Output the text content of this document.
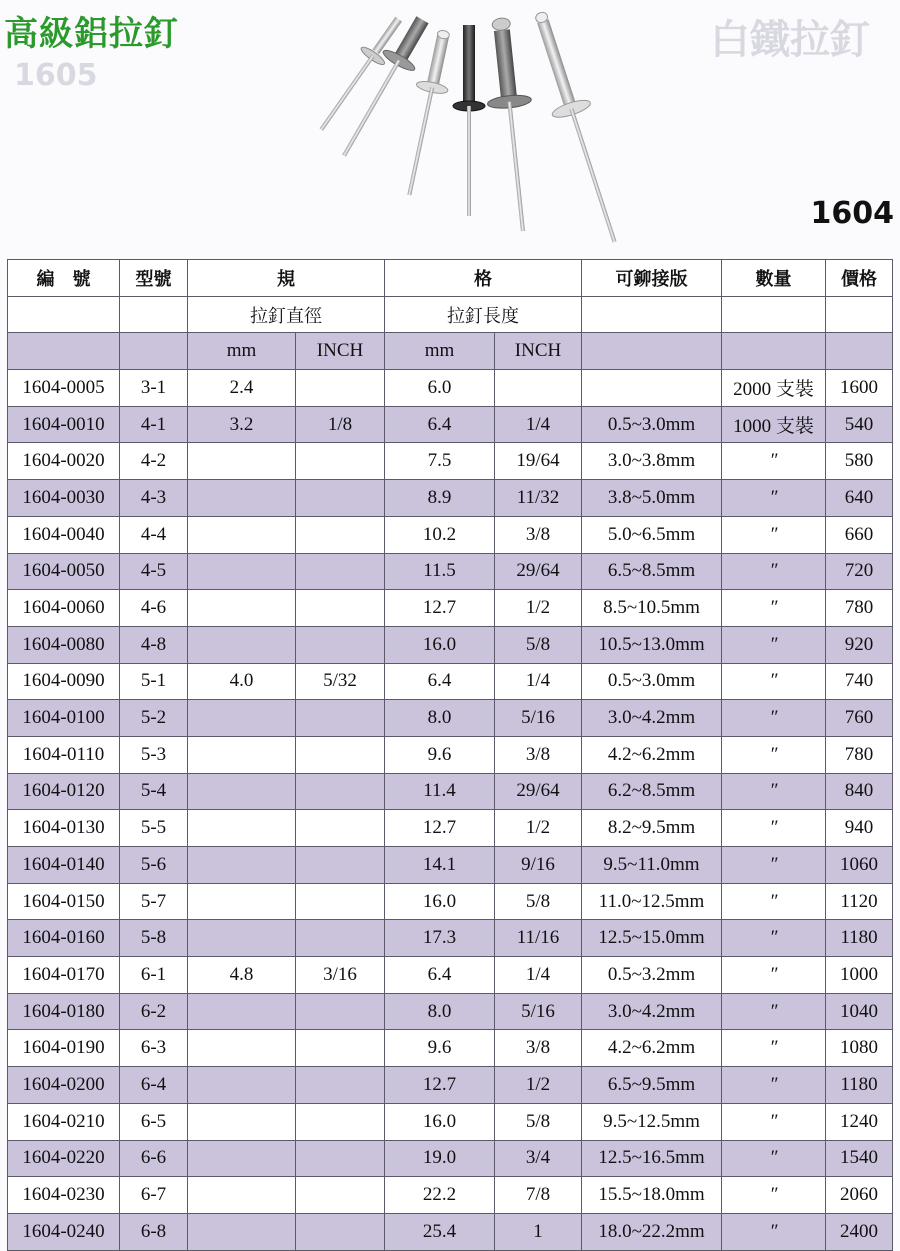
白鐵拉釘
1605
高級鋁拉釘
1604
編　號	型號	規		格		可鉚接版	數量	價格
		拉釘直徑		拉釘長度				
		mm	INCH	mm	INCH			
1604-0005	3-1	2.4		6.0			2000 支裝	1600
1604-0010	4-1	3.2	1/8	6.4	1/4	0.5~3.0mm	1000 支裝	540
1604-0020	4-2			7.5	19/64	3.0~3.8mm	″	580
1604-0030	4-3			8.9	11/32	3.8~5.0mm	″	640
1604-0040	4-4			10.2	3/8	5.0~6.5mm	″	660
1604-0050	4-5			11.5	29/64	6.5~8.5mm	″	720
1604-0060	4-6			12.7	1/2	8.5~10.5mm	″	780
1604-0080	4-8			16.0	5/8	10.5~13.0mm	″	920
1604-0090	5-1	4.0	5/32	6.4	1/4	0.5~3.0mm	″	740
1604-0100	5-2			8.0	5/16	3.0~4.2mm	″	760
1604-0110	5-3			9.6	3/8	4.2~6.2mm	″	780
1604-0120	5-4			11.4	29/64	6.2~8.5mm	″	840
1604-0130	5-5			12.7	1/2	8.2~9.5mm	″	940
1604-0140	5-6			14.1	9/16	9.5~11.0mm	″	1060
1604-0150	5-7			16.0	5/8	11.0~12.5mm	″	1120
1604-0160	5-8			17.3	11/16	12.5~15.0mm	″	1180
1604-0170	6-1	4.8	3/16	6.4	1/4	0.5~3.2mm	″	1000
1604-0180	6-2			8.0	5/16	3.0~4.2mm	″	1040
1604-0190	6-3			9.6	3/8	4.2~6.2mm	″	1080
1604-0200	6-4			12.7	1/2	6.5~9.5mm	″	1180
1604-0210	6-5			16.0	5/8	9.5~12.5mm	″	1240
1604-0220	6-6			19.0	3/4	12.5~16.5mm	″	1540
1604-0230	6-7			22.2	7/8	15.5~18.0mm	″	2060
1604-0240	6-8			25.4	1	18.0~22.2mm	″	2400
